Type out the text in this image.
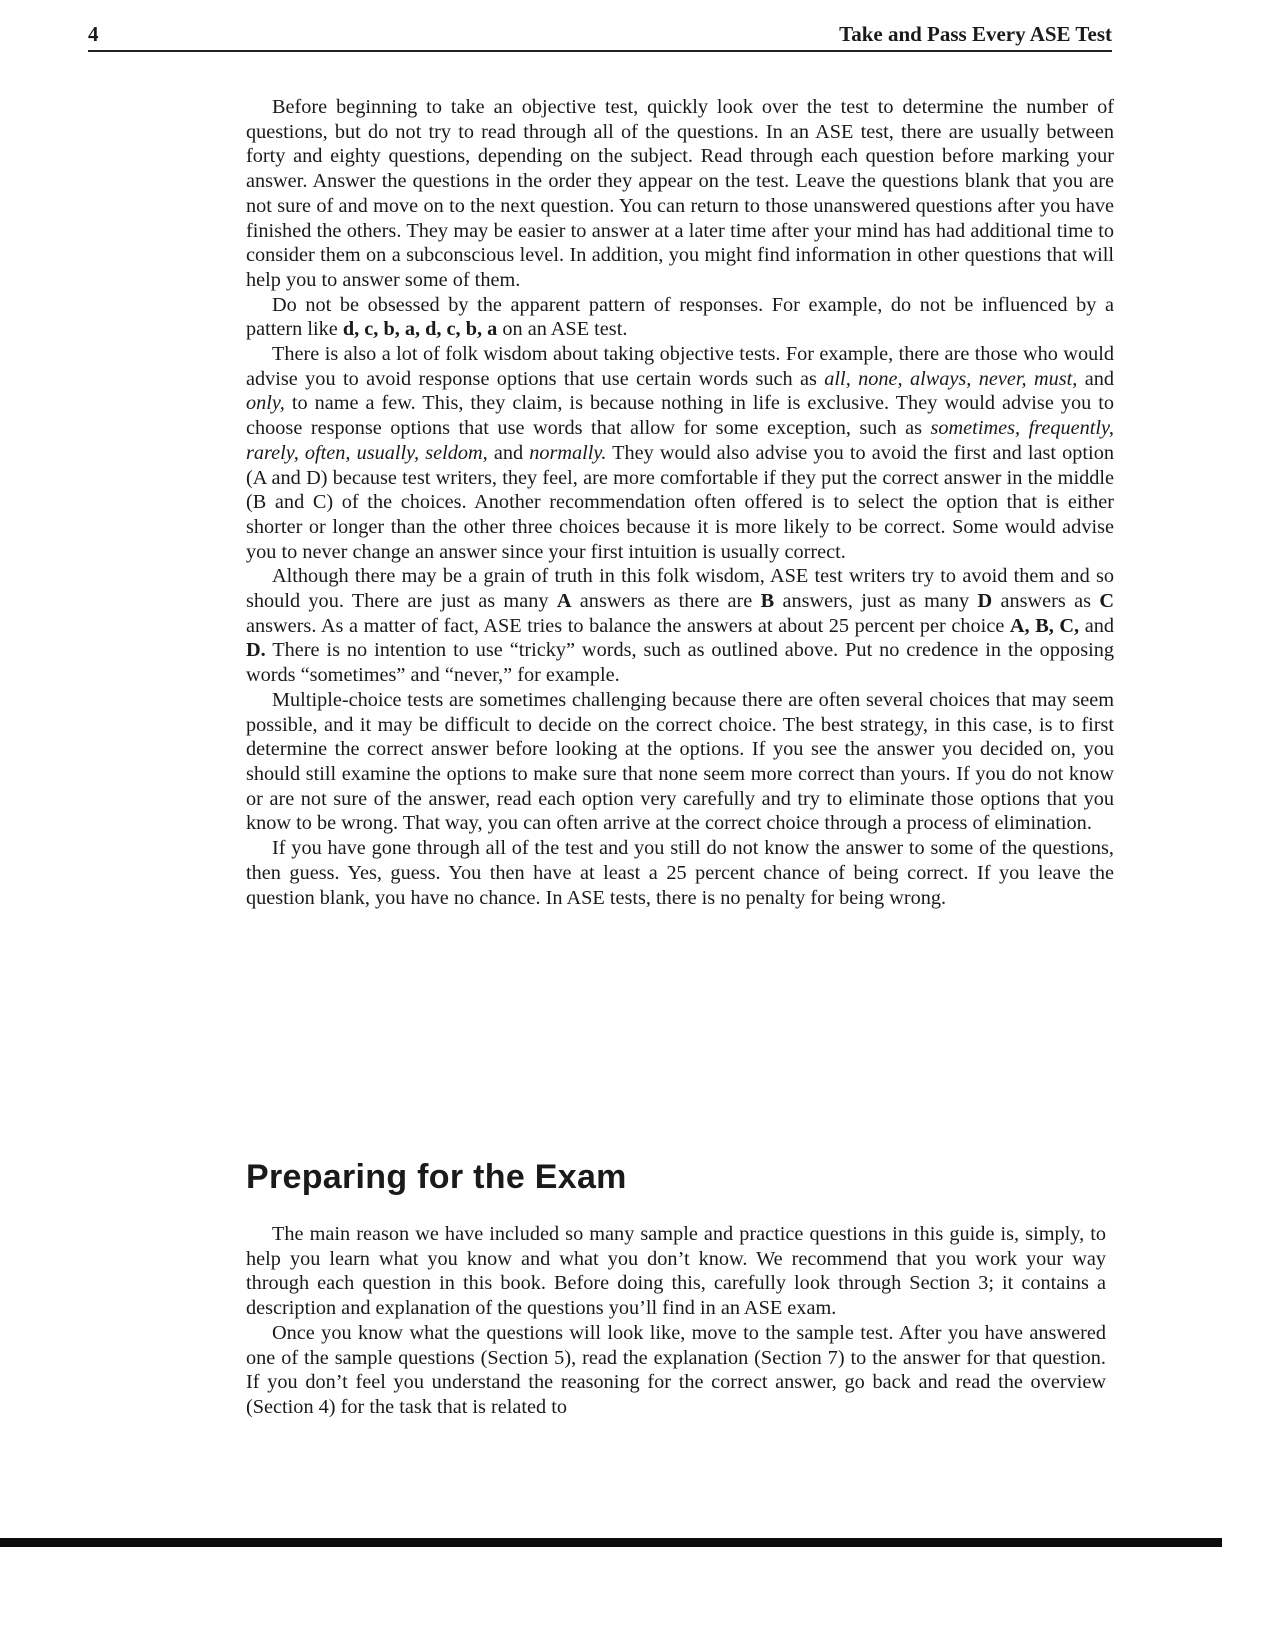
4	Take and Pass Every ASE Test

Before beginning to take an objective test, quickly look over the test to determine the number of questions, but do not try to read through all of the questions. In an ASE test, there are usually between forty and eighty questions, depending on the subject. Read through each question before marking your answer. Answer the questions in the order they appear on the test. Leave the questions blank that you are not sure of and move on to the next question. You can return to those unanswered questions after you have finished the others. They may be easier to answer at a later time after your mind has had additional time to consider them on a subconscious level. In addition, you might find information in other questions that will help you to answer some of them.

Do not be obsessed by the apparent pattern of responses. For example, do not be influenced by a pattern like d, c, b, a, d, c, b, a on an ASE test.

There is also a lot of folk wisdom about taking objective tests. For example, there are those who would advise you to avoid response options that use certain words such as all, none, always, never, must, and only, to name a few. This, they claim, is because nothing in life is exclusive. They would advise you to choose response options that use words that allow for some exception, such as sometimes, frequently, rarely, often, usually, seldom, and normally. They would also advise you to avoid the first and last option (A and D) because test writers, they feel, are more comfortable if they put the correct answer in the middle (B and C) of the choices. Another recommendation often offered is to select the option that is either shorter or longer than the other three choices because it is more likely to be correct. Some would advise you to never change an answer since your first intuition is usually correct.

Although there may be a grain of truth in this folk wisdom, ASE test writers try to avoid them and so should you. There are just as many A answers as there are B answers, just as many D answers as C answers. As a matter of fact, ASE tries to balance the answers at about 25 percent per choice A, B, C, and D. There is no intention to use “tricky” words, such as outlined above. Put no credence in the opposing words “sometimes” and “never,” for example.

Multiple-choice tests are sometimes challenging because there are often several choices that may seem possible, and it may be difficult to decide on the correct choice. The best strategy, in this case, is to first determine the correct answer before looking at the options. If you see the answer you decided on, you should still examine the options to make sure that none seem more correct than yours. If you do not know or are not sure of the answer, read each option very carefully and try to eliminate those options that you know to be wrong. That way, you can often arrive at the correct choice through a process of elimination.

If you have gone through all of the test and you still do not know the answer to some of the questions, then guess. Yes, guess. You then have at least a 25 percent chance of being correct. If you leave the question blank, you have no chance. In ASE tests, there is no penalty for being wrong.

Preparing for the Exam

The main reason we have included so many sample and practice questions in this guide is, simply, to help you learn what you know and what you don’t know. We recommend that you work your way through each question in this book. Before doing this, carefully look through Section 3; it contains a description and explanation of the questions you’ll find in an ASE exam.

Once you know what the questions will look like, move to the sample test. After you have answered one of the sample questions (Section 5), read the explanation (Section 7) to the answer for that question. If you don’t feel you understand the reasoning for the correct answer, go back and read the overview (Section 4) for the task that is related to
